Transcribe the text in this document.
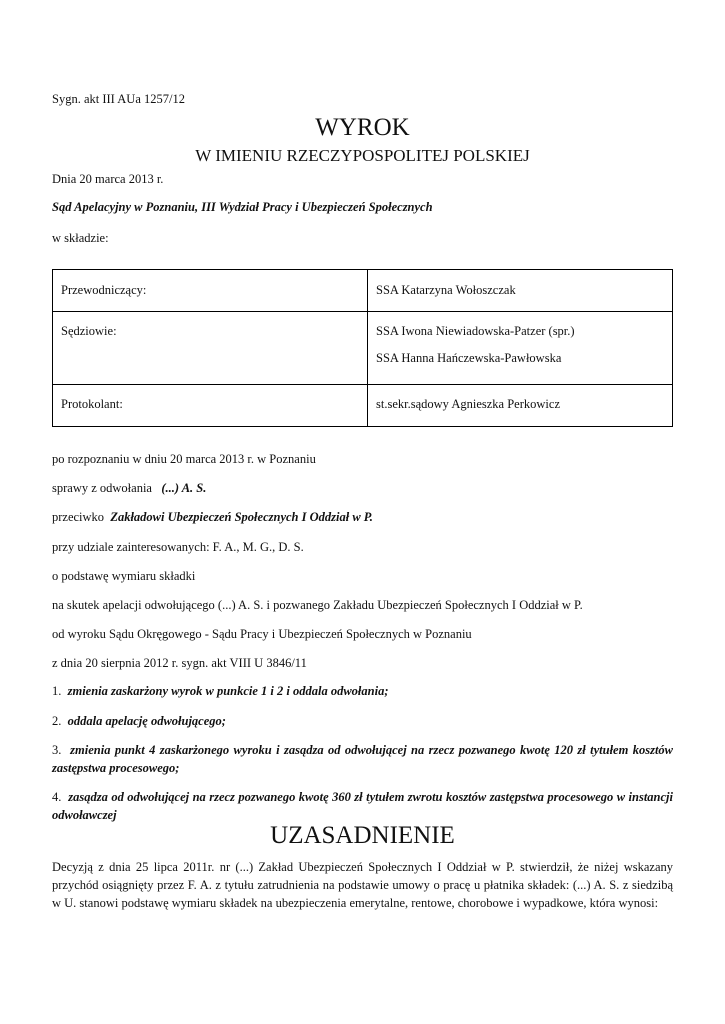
Sygn. akt III AUa 1257/12
WYROK
W IMIENIU RZECZYPOSPOLITEJ POLSKIEJ
Dnia 20 marca 2013 r.
Sąd Apelacyjny w Poznaniu, III Wydział Pracy i Ubezpieczeń Społecznych
w składzie:
Przewodniczący:	SSA Katarzyna Wołoszczak
Sędziowie:	SSA Iwona Niewiadowska-Patzer (spr.)
SSA Hanna Hańczewska-Pawłowska

Protokolant:	st.sekr.sądowy Agnieszka Perkowicz
po rozpoznaniu w dniu 20 marca 2013 r. w Poznaniu
sprawy z odwołania (...) A. S.
przeciwko Zakładowi Ubezpieczeń Społecznych I Oddział w P.
przy udziale zainteresowanych: F. A., M. G., D. S.
o podstawę wymiaru składki
na skutek apelacji odwołującego (...) A. S. i pozwanego Zakładu Ubezpieczeń Społecznych I Oddział w P.
od wyroku Sądu Okręgowego - Sądu Pracy i Ubezpieczeń Społecznych w Poznaniu
z dnia 20 sierpnia 2012 r. sygn. akt VIII U 3846/11
1. zmienia zaskarżony wyrok w punkcie 1 i 2 i oddala odwołania;
2. oddala apelację odwołującego;
3. zmienia punkt 4 zaskarżonego wyroku i zasądza od odwołującej na rzecz pozwanego kwotę 120 zł tytułem kosztów zastępstwa procesowego;
4. zasądza od odwołującej na rzecz pozwanego kwotę 360 zł tytułem zwrotu kosztów zastępstwa procesowego w instancji odwoławczej
UZASADNIENIE
Decyzją z dnia 25 lipca 2011r. nr (...) Zakład Ubezpieczeń Społecznych I Oddział w P. stwierdził, że niżej wskazany przychód osiągnięty przez F. A. z tytułu zatrudnienia na podstawie umowy o pracę u płatnika składek: (...) A. S. z siedzibą w U. stanowi podstawę wymiaru składek na ubezpieczenia emerytalne, rentowe, chorobowe i wypadkowe, która wynosi:
